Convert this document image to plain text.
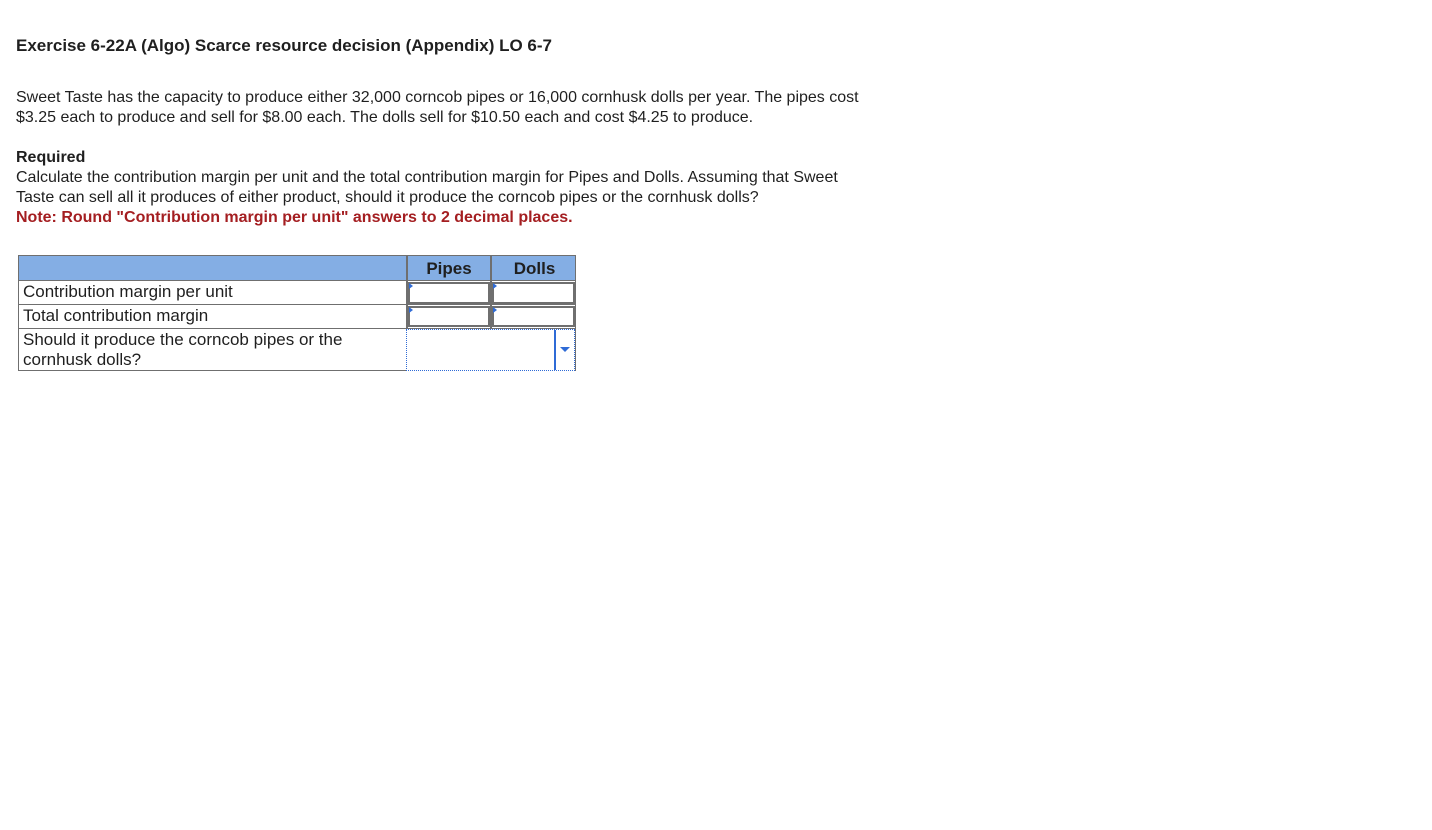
Exercise 6-22A (Algo) Scarce resource decision (Appendix) LO 6-7
Sweet Taste has the capacity to produce either 32,000 corncob pipes or 16,000 cornhusk dolls per year. The pipes cost
$3.25 each to produce and sell for $8.00 each. The dolls sell for $10.50 each and cost $4.25 to produce.
Required
Calculate the contribution margin per unit and the total contribution margin for Pipes and Dolls. Assuming that Sweet
Taste can sell all it produces of either product, should it produce the corncob pipes or the cornhusk dolls?
Note: Round "Contribution margin per unit" answers to 2 decimal places.
Pipes	Dolls
Contribution margin per unit
Total contribution margin
Should it produce the corncob pipes or the
cornhusk dolls?
